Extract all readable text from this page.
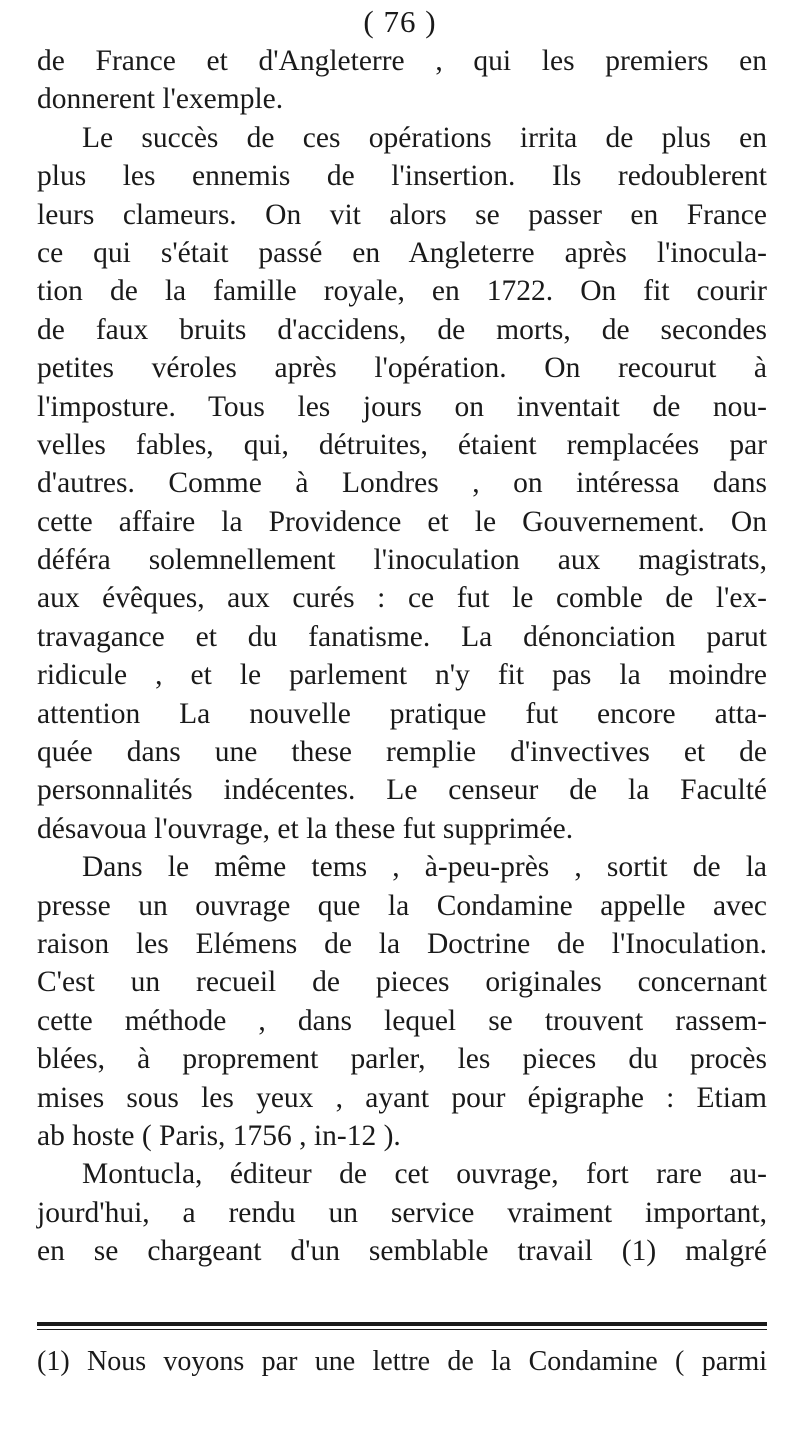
( 76 )
de France et d'Angleterre , qui les premiers en
donnerent l'exemple.
Le succès de ces opérations irrita de plus en
plus les ennemis de l'insertion. Ils redoublerent
leurs clameurs. On vit alors se passer en France
ce qui s'était passé en Angleterre après l'inocula-
tion de la famille royale, en 1722. On fit courir
de faux bruits d'accidens, de morts, de secondes
petites véroles après l'opération. On recourut à
l'imposture. Tous les jours on inventait de nou-
velles fables, qui, détruites, étaient remplacées par
d'autres. Comme à Londres , on intéressa dans
cette affaire la Providence et le Gouvernement. On
déféra solemnellement l'inoculation aux magistrats,
aux évêques, aux curés : ce fut le comble de l'ex-
travagance et du fanatisme. La dénonciation parut
ridicule , et le parlement n'y fit pas la moindre
attention La nouvelle pratique fut encore atta-
quée dans une these remplie d'invectives et de
personnalités indécentes. Le censeur de la Faculté
désavoua l'ouvrage, et la these fut supprimée.
Dans le même tems , à-peu-près , sortit de la
presse un ouvrage que la Condamine appelle avec
raison les Elémens de la Doctrine de l'Inoculation.
C'est un recueil de pieces originales concernant
cette méthode , dans lequel se trouvent rassem-
blées, à proprement parler, les pieces du procès
mises sous les yeux , ayant pour épigraphe : Etiam
ab hoste ( Paris, 1756 , in-12 ).
Montucla, éditeur de cet ouvrage, fort rare au-
jourd'hui, a rendu un service vraiment important,
en se chargeant d'un semblable travail (1) malgré
(1) Nous voyons par une lettre de la Condamine ( parmi
